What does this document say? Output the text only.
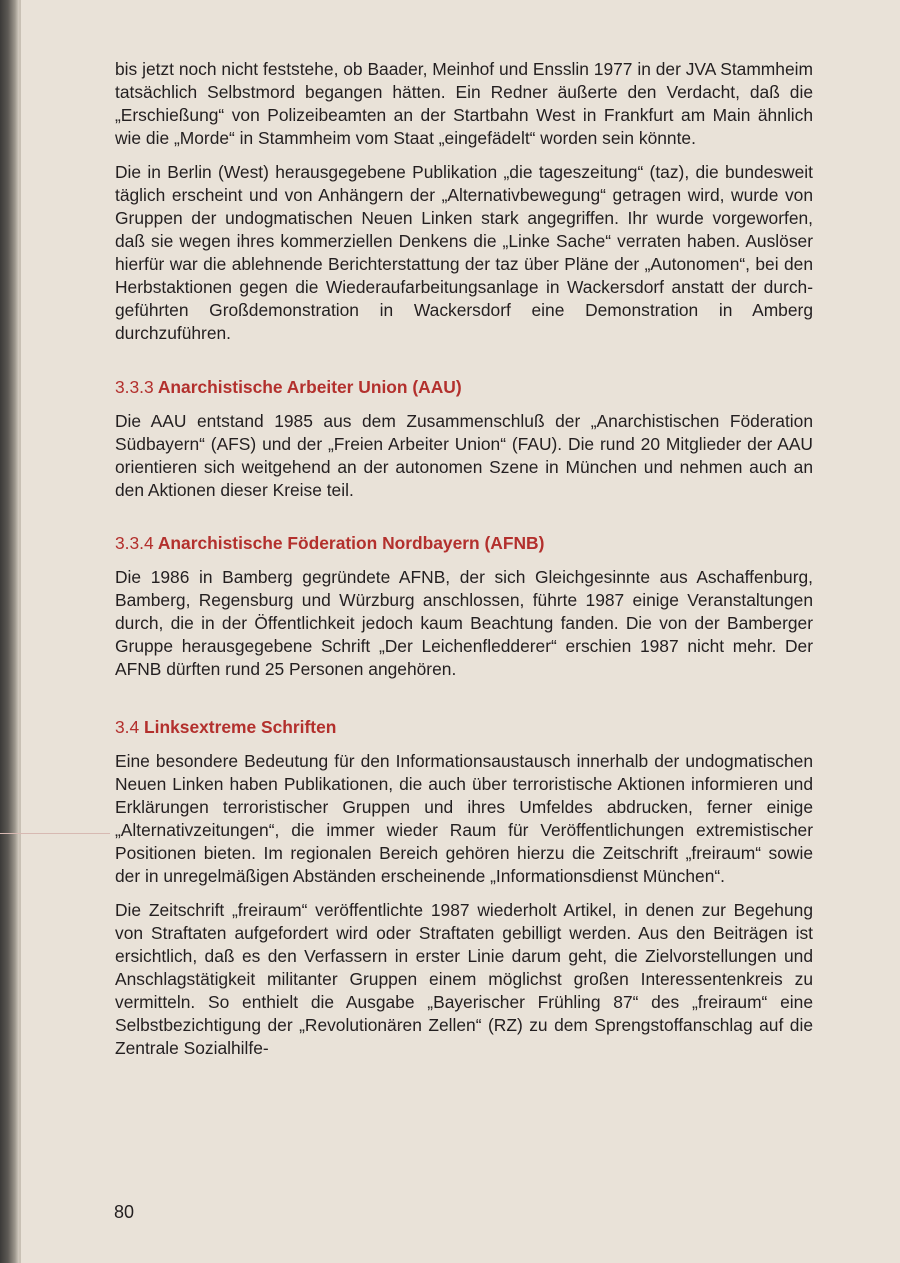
bis jetzt noch nicht feststehe, ob Baader, Meinhof und Ensslin 1977 in der JVA Stammheim tatsächlich Selbstmord begangen hätten. Ein Redner äußerte den Verdacht, daß die „Erschießung“ von Polizeibeamten an der Startbahn West in Frankfurt am Main ähnlich wie die „Morde“ in Stammheim vom Staat „eingefädelt“ worden sein könnte.

Die in Berlin (West) herausgegebene Publikation „die tageszeitung“ (taz), die bundesweit täglich erscheint und von Anhängern der „Alternativbewegung“ getragen wird, wurde von Gruppen der undogmatischen Neuen Linken stark angegriffen. Ihr wurde vorgeworfen, daß sie wegen ihres kommerziellen Denkens die „Linke Sache“ verraten haben. Auslöser hierfür war die ablehnende Berichterstattung der taz über Pläne der „Autonomen“, bei den Herbstaktionen gegen die Wiederaufarbeitungsanlage in Wackersdorf anstatt der durchgeführten Großdemonstration in Wackersdorf eine Demonstration in Amberg durchzuführen.

3.3.3 Anarchistische Arbeiter Union (AAU)

Die AAU entstand 1985 aus dem Zusammenschluß der „Anarchistischen Föderation Südbayern“ (AFS) und der „Freien Arbeiter Union“ (FAU). Die rund 20 Mitglieder der AAU orientieren sich weitgehend an der autonomen Szene in München und nehmen auch an den Aktionen dieser Kreise teil.

3.3.4 Anarchistische Föderation Nordbayern (AFNB)

Die 1986 in Bamberg gegründete AFNB, der sich Gleichgesinnte aus Aschaffenburg, Bamberg, Regensburg und Würzburg anschlossen, führte 1987 einige Veranstaltungen durch, die in der Öffentlichkeit jedoch kaum Beachtung fanden. Die von der Bamberger Gruppe herausgegebene Schrift „Der Leichenfledderer“ erschien 1987 nicht mehr. Der AFNB dürften rund 25 Personen angehören.

3.4 Linksextreme Schriften

Eine besondere Bedeutung für den Informationsaustausch innerhalb der undogmatischen Neuen Linken haben Publikationen, die auch über terroristische Aktionen informieren und Erklärungen terroristischer Gruppen und ihres Umfeldes abdrucken, ferner einige „Alternativzeitungen“, die immer wieder Raum für Veröffentlichungen extremistischer Positionen bieten. Im regionalen Bereich gehören hierzu die Zeitschrift „freiraum“ sowie der in unregelmäßigen Abständen erscheinende „Informationsdienst München“.

Die Zeitschrift „freiraum“ veröffentlichte 1987 wiederholt Artikel, in denen zur Begehung von Straftaten aufgefordert wird oder Straftaten gebilligt werden. Aus den Beiträgen ist ersichtlich, daß es den Verfassern in erster Linie darum geht, die Zielvorstellungen und Anschlagstätigkeit militanter Gruppen einem möglichst großen Interessentenkreis zu vermitteln. So enthielt die Ausgabe „Bayerischer Frühling 87“ des „freiraum“ eine Selbstbezichtigung der „Revolutionären Zellen“ (RZ) zu dem Sprengstoffanschlag auf die Zentrale Sozialhilfe-

80
